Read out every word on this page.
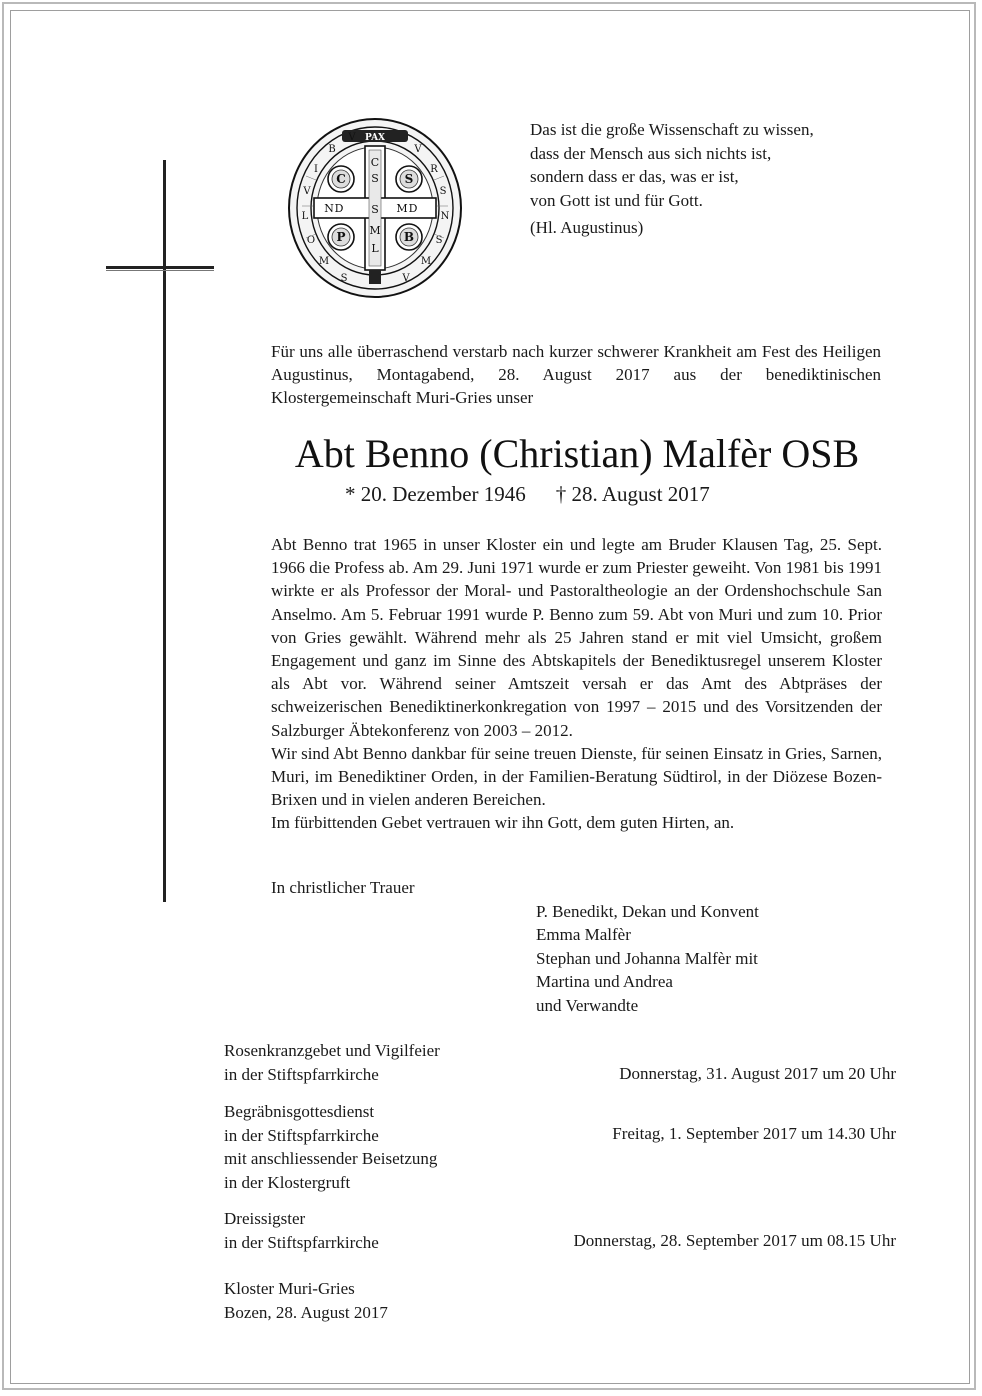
PAX
C	S
P	B
C
S
S
M
L
N D	M D
V
B
I
V
L
O
M
S
V
R
S
N
S
M
V
Das ist die große Wissenschaft zu wissen,
dass der Mensch aus sich nichts ist,
sondern dass er das, was er ist,
von Gott ist und für Gott.
(Hl. Augustinus)
Für uns alle überraschend verstarb nach kurzer schwerer Krankheit am Fest des Heiligen Augustinus, Montagabend, 28. August 2017 aus der benediktinischen Klostergemeinschaft Muri-Gries unser
Abt Benno (Christian) Malfèr OSB
* 20. Dezember 1946 † 28. August 2017

Abt Benno trat 1965 in unser Kloster ein und legte am Bruder Klausen Tag, 25. Sept. 1966 die Profess ab. Am 29. Juni 1971 wurde er zum Priester geweiht. Von 1981 bis 1991 wirkte er als Professor der Moral- und Pastoraltheologie an der Ordenshochschule San Anselmo. Am 5. Februar 1991 wurde P. Benno zum 59. Abt von Muri und zum 10. Prior von Gries gewählt. Während mehr als 25 Jahren stand er mit viel Umsicht, großem Engagement und ganz im Sinne des Abtskapitels der Benediktusregel unserem Kloster als Abt vor. Während seiner Amtszeit versah er das Amt des Abtpräses der schweizerischen Benediktinerkonkregation von 1997 – 2015 und des Vorsitzenden der Salzburger Äbtekonferenz von 2003 – 2012.

Wir sind Abt Benno dankbar für seine treuen Dienste, für seinen Einsatz in Gries, Sarnen, Muri, im Benediktiner Orden, in der Familien-Beratung Südtirol, in der Diözese Bozen-Brixen und in vielen anderen Bereichen.

Im fürbittenden Gebet vertrauen wir ihn Gott, dem guten Hirten, an.

In christlicher Trauer
P. Benedikt, Dekan und Konvent
Emma Malfèr
Stephan und Johanna Malfèr mit
Martina und Andrea
und Verwandte
Rosenkranzgebet und Vigilfeier
in der Stiftspfarrkirche	Donnerstag, 31. August 2017 um 20 Uhr
Begräbnisgottesdienst
in der Stiftspfarrkirche
mit anschliessender Beisetzung
in der Klostergruft
Freitag, 1. September 2017 um 14.30 Uhr
Dreissigster
in der Stiftspfarrkirche	Donnerstag, 28. September 2017 um 08.15 Uhr
Kloster Muri-Gries
Bozen, 28. August 2017
